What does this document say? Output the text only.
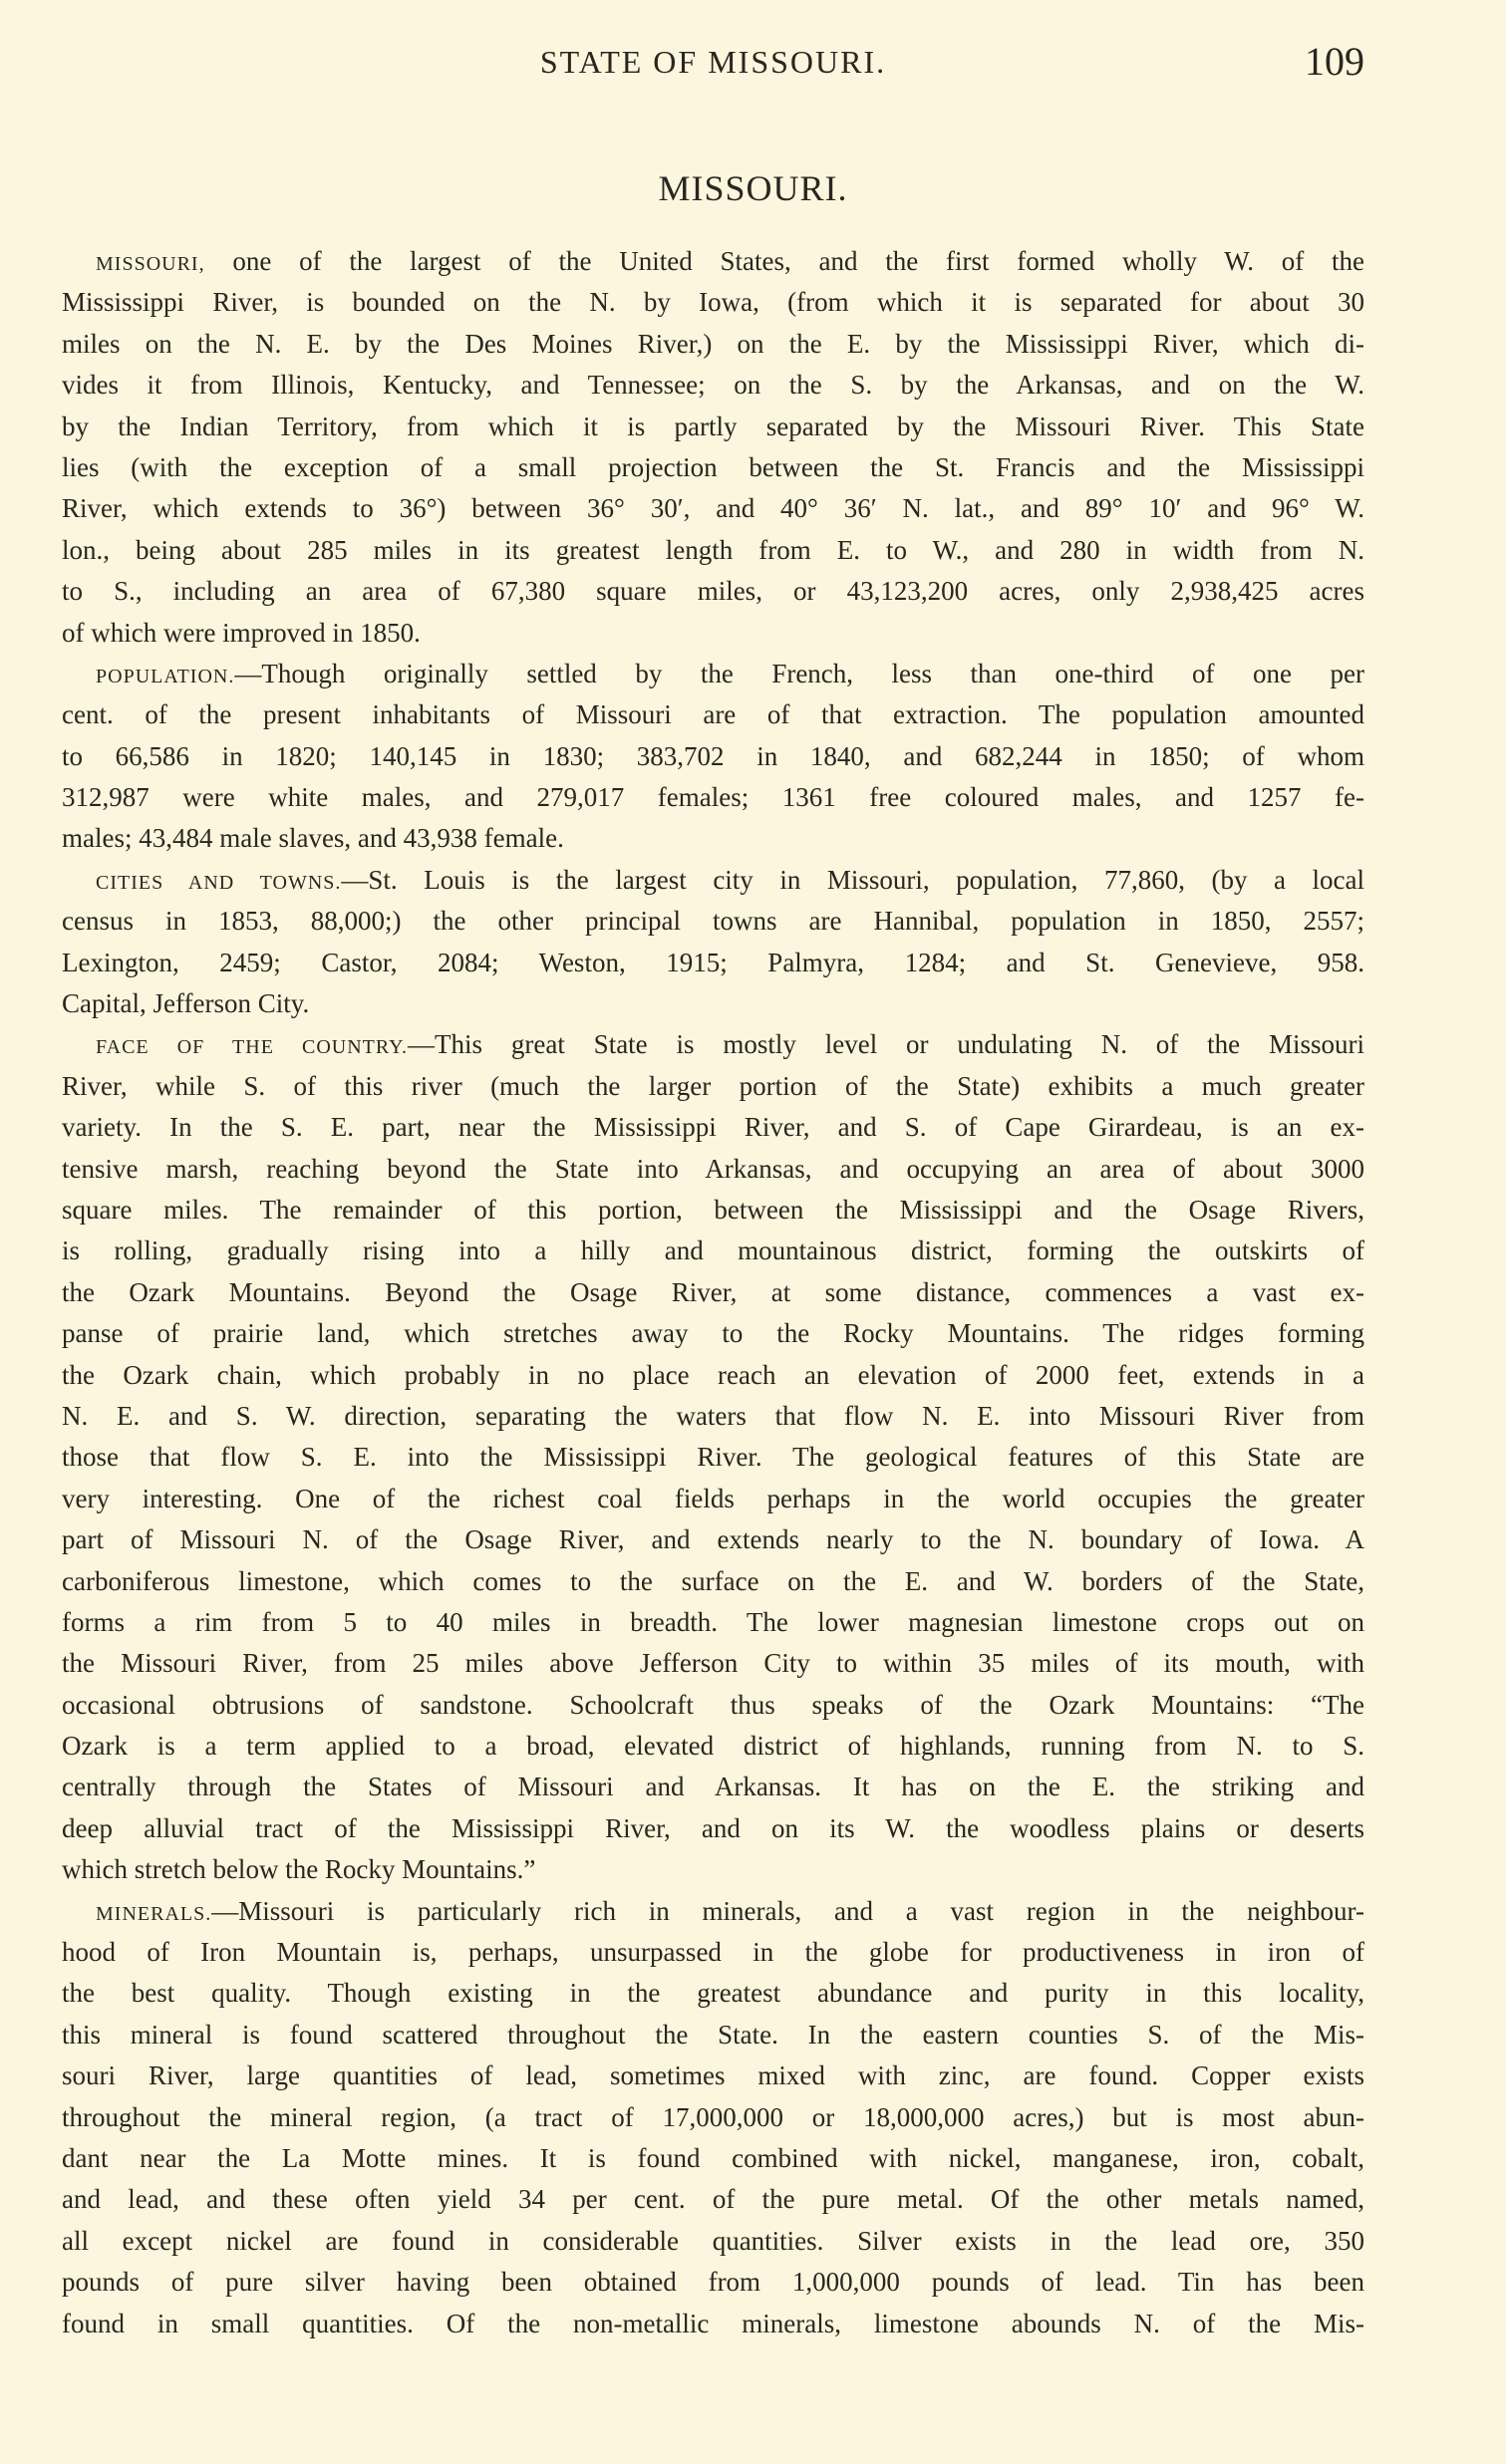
STATE OF MISSOURI.	109
MISSOURI.
MISSOURI, one of the largest of the United States, and the first formed wholly W. of the
Mississippi River, is bounded on the N. by Iowa, (from which it is separated for about 30
miles on the N. E. by the Des Moines River,) on the E. by the Mississippi River, which di-
vides it from Illinois, Kentucky, and Tennessee; on the S. by the Arkansas, and on the W.
by the Indian Territory, from which it is partly separated by the Missouri River. This State
lies (with the exception of a small projection between the St. Francis and the Mississippi
River, which extends to 36°) between 36° 30′, and 40° 36′ N. lat., and 89° 10′ and 96° W.
lon., being about 285 miles in its greatest length from E. to W., and 280 in width from N.
to S., including an area of 67,380 square miles, or 43,123,200 acres, only 2,938,425 acres
of which were improved in 1850.
POPULATION.—Though originally settled by the French, less than one-third of one per
cent. of the present inhabitants of Missouri are of that extraction. The population amounted
to 66,586 in 1820; 140,145 in 1830; 383,702 in 1840, and 682,244 in 1850; of whom
312,987 were white males, and 279,017 females; 1361 free coloured males, and 1257 fe-
males; 43,484 male slaves, and 43,938 female.
CITIES AND TOWNS.—St. Louis is the largest city in Missouri, population, 77,860, (by a local
census in 1853, 88,000;) the other principal towns are Hannibal, population in 1850, 2557;
Lexington, 2459; Castor, 2084; Weston, 1915; Palmyra, 1284; and St. Genevieve, 958.
Capital, Jefferson City.
FACE OF THE COUNTRY.—This great State is mostly level or undulating N. of the Missouri
River, while S. of this river (much the larger portion of the State) exhibits a much greater
variety. In the S. E. part, near the Mississippi River, and S. of Cape Girardeau, is an ex-
tensive marsh, reaching beyond the State into Arkansas, and occupying an area of about 3000
square miles. The remainder of this portion, between the Mississippi and the Osage Rivers,
is rolling, gradually rising into a hilly and mountainous district, forming the outskirts of
the Ozark Mountains. Beyond the Osage River, at some distance, commences a vast ex-
panse of prairie land, which stretches away to the Rocky Mountains. The ridges forming
the Ozark chain, which probably in no place reach an elevation of 2000 feet, extends in a
N. E. and S. W. direction, separating the waters that flow N. E. into Missouri River from
those that flow S. E. into the Mississippi River. The geological features of this State are
very interesting. One of the richest coal fields perhaps in the world occupies the greater
part of Missouri N. of the Osage River, and extends nearly to the N. boundary of Iowa. A
carboniferous limestone, which comes to the surface on the E. and W. borders of the State,
forms a rim from 5 to 40 miles in breadth. The lower magnesian limestone crops out on
the Missouri River, from 25 miles above Jefferson City to within 35 miles of its mouth, with
occasional obtrusions of sandstone. Schoolcraft thus speaks of the Ozark Mountains: “The
Ozark is a term applied to a broad, elevated district of highlands, running from N. to S.
centrally through the States of Missouri and Arkansas. It has on the E. the striking and
deep alluvial tract of the Mississippi River, and on its W. the woodless plains or deserts
which stretch below the Rocky Mountains.”
MINERALS.—Missouri is particularly rich in minerals, and a vast region in the neighbour-
hood of Iron Mountain is, perhaps, unsurpassed in the globe for productiveness in iron of
the best quality. Though existing in the greatest abundance and purity in this locality,
this mineral is found scattered throughout the State. In the eastern counties S. of the Mis-
souri River, large quantities of lead, sometimes mixed with zinc, are found. Copper exists
throughout the mineral region, (a tract of 17,000,000 or 18,000,000 acres,) but is most abun-
dant near the La Motte mines. It is found combined with nickel, manganese, iron, cobalt,
and lead, and these often yield 34 per cent. of the pure metal. Of the other metals named,
all except nickel are found in considerable quantities. Silver exists in the lead ore, 350
pounds of pure silver having been obtained from 1,000,000 pounds of lead. Tin has been
found in small quantities. Of the non-metallic minerals, limestone abounds N. of the Mis-
